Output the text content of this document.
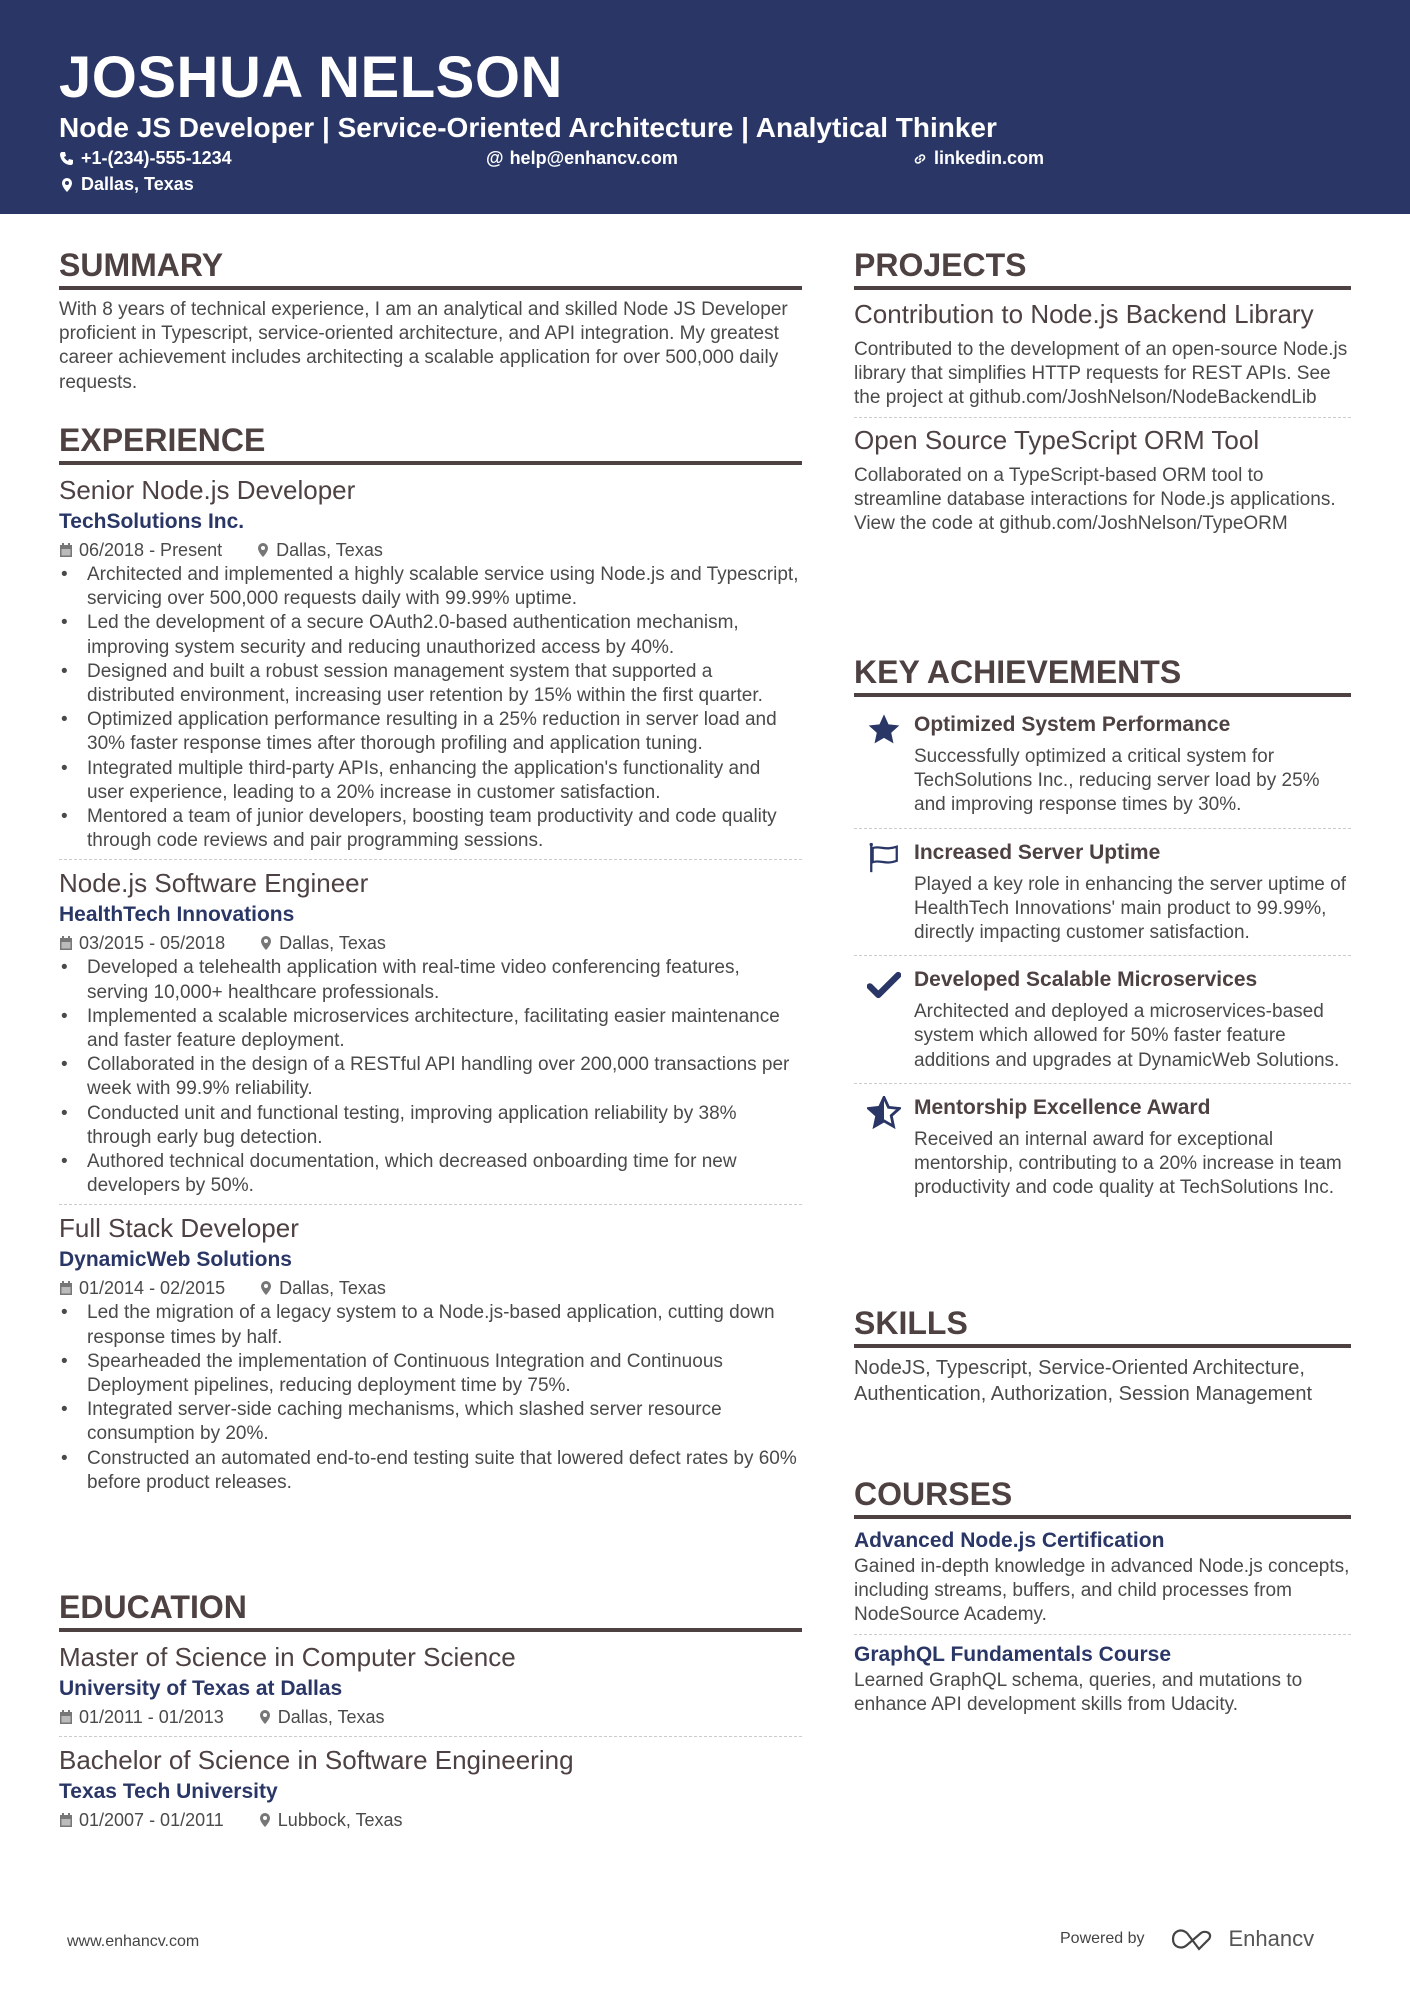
JOSHUA NELSON
Node JS Developer | Service-Oriented Architecture | Analytical Thinker
+1-(234)-555-1234	@ help@enhancv.com	linkedin.com
Dallas, Texas
SUMMARY
With 8 years of technical experience, I am an analytical and skilled Node JS Developer proficient in Typescript, service-oriented architecture, and API integration. My greatest career achievement includes architecting a scalable application for over 500,000 daily requests.
EXPERIENCE
Senior Node.js Developer
TechSolutions Inc.
06/2018 - Present	Dallas, Texas
• Architected and implemented a highly scalable service using Node.js and Typescript, servicing over 500,000 requests daily with 99.99% uptime.
• Led the development of a secure OAuth2.0-based authentication mechanism, improving system security and reducing unauthorized access by 40%.
• Designed and built a robust session management system that supported a distributed environment, increasing user retention by 15% within the first quarter.
• Optimized application performance resulting in a 25% reduction in server load and 30% faster response times after thorough profiling and application tuning.
• Integrated multiple third-party APIs, enhancing the application's functionality and user experience, leading to a 20% increase in customer satisfaction.
• Mentored a team of junior developers, boosting team productivity and code quality through code reviews and pair programming sessions.
Node.js Software Engineer
HealthTech Innovations
03/2015 - 05/2018	Dallas, Texas
• Developed a telehealth application with real-time video conferencing features, serving 10,000+ healthcare professionals.
• Implemented a scalable microservices architecture, facilitating easier maintenance and faster feature deployment.
• Collaborated in the design of a RESTful API handling over 200,000 transactions per week with 99.9% reliability.
• Conducted unit and functional testing, improving application reliability by 38% through early bug detection.
• Authored technical documentation, which decreased onboarding time for new developers by 50%.
Full Stack Developer
DynamicWeb Solutions
01/2014 - 02/2015	Dallas, Texas
• Led the migration of a legacy system to a Node.js-based application, cutting down response times by half.
• Spearheaded the implementation of Continuous Integration and Continuous Deployment pipelines, reducing deployment time by 75%.
• Integrated server-side caching mechanisms, which slashed server resource consumption by 20%.
• Constructed an automated end-to-end testing suite that lowered defect rates by 60% before product releases.
EDUCATION
Master of Science in Computer Science
University of Texas at Dallas
01/2011 - 01/2013	Dallas, Texas
Bachelor of Science in Software Engineering
Texas Tech University
01/2007 - 01/2011	Lubbock, Texas
PROJECTS
Contribution to Node.js Backend Library
Contributed to the development of an open-source Node.js library that simplifies HTTP requests for REST APIs. See the project at github.com/JoshNelson/NodeBackendLib
Open Source TypeScript ORM Tool
Collaborated on a TypeScript-based ORM tool to streamline database interactions for Node.js applications. View the code at github.com/JoshNelson/TypeORM
KEY ACHIEVEMENTS
Optimized System Performance
Successfully optimized a critical system for TechSolutions Inc., reducing server load by 25% and improving response times by 30%.
Increased Server Uptime
Played a key role in enhancing the server uptime of HealthTech Innovations' main product to 99.99%, directly impacting customer satisfaction.
Developed Scalable Microservices
Architected and deployed a microservices-based system which allowed for 50% faster feature additions and upgrades at DynamicWeb Solutions.
Mentorship Excellence Award
Received an internal award for exceptional mentorship, contributing to a 20% increase in team productivity and code quality at TechSolutions Inc.
SKILLS
NodeJS, Typescript, Service-Oriented Architecture, Authentication, Authorization, Session Management
COURSES
Advanced Node.js Certification
Gained in-depth knowledge in advanced Node.js concepts, including streams, buffers, and child processes from NodeSource Academy.
GraphQL Fundamentals Course
Learned GraphQL schema, queries, and mutations to enhance API development skills from Udacity.
www.enhancv.com	Powered by	Enhancv
